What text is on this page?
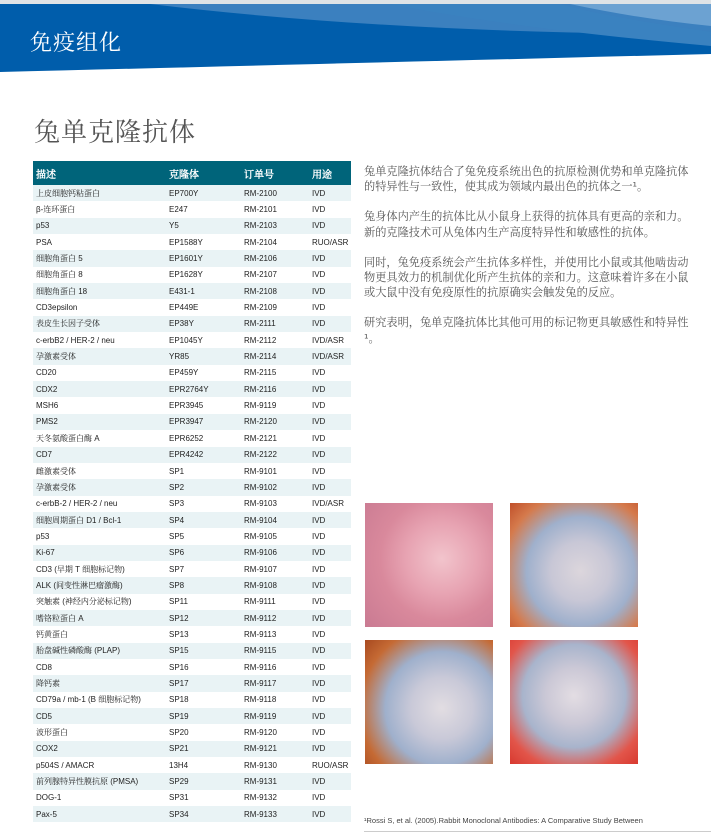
免疫组化
兔单克隆抗体
描述	克隆体	订单号	用途
上皮细胞钙粘蛋白	EP700Y	RM-2100	IVD
β-连环蛋白	E247	RM-2101	IVD
p53	Y5	RM-2103	IVD
PSA	EP1588Y	RM-2104	RUO/ASR
细胞角蛋白 5	EP1601Y	RM-2106	IVD
细胞角蛋白 8	EP1628Y	RM-2107	IVD
细胞角蛋白 18	E431-1	RM-2108	IVD
CD3epsilon	EP449E	RM-2109	IVD
表皮生长因子受体	EP38Y	RM-2111	IVD
c-erbB2 / HER-2 / neu	EP1045Y	RM-2112	IVD/ASR
孕激素受体	YR85	RM-2114	IVD/ASR
CD20	EP459Y	RM-2115	IVD
CDX2	EPR2764Y	RM-2116	IVD
MSH6	EPR3945	RM-9119	IVD
PMS2	EPR3947	RM-2120	IVD
天冬氨酸蛋白酶 A	EPR6252	RM-2121	IVD
CD7	EPR4242	RM-2122	IVD
雌激素受体	SP1	RM-9101	IVD
孕激素受体	SP2	RM-9102	IVD
c-erbB-2 / HER-2 / neu	SP3	RM-9103	IVD/ASR
细胞周期蛋白 D1 / Bcl-1	SP4	RM-9104	IVD
p53	SP5	RM-9105	IVD
Ki-67	SP6	RM-9106	IVD
CD3 (早期 T 细胞标记物)	SP7	RM-9107	IVD
ALK (间变性淋巴瘤激酶)	SP8	RM-9108	IVD
突触素 (神经内分泌标记物)	SP11	RM-9111	IVD
嗜铬粒蛋白 A	SP12	RM-9112	IVD
钙黄蛋白	SP13	RM-9113	IVD
胎盘碱性磷酸酶 (PLAP)	SP15	RM-9115	IVD
CD8	SP16	RM-9116	IVD
降钙素	SP17	RM-9117	IVD
CD79a / mb-1 (B 细胞标记物)	SP18	RM-9118	IVD
CD5	SP19	RM-9119	IVD
波形蛋白	SP20	RM-9120	IVD
COX2	SP21	RM-9121	IVD
p504S / AMACR	13H4	RM-9130	RUO/ASR
前列腺特异性膜抗原 (PMSA)	SP29	RM-9131	IVD
DOG-1	SP31	RM-9132	IVD
Pax-5	SP34	RM-9133	IVD

兔单克隆抗体结合了兔免疫系统出色的抗原检测优势和单克隆抗体的特异性与一致性，使其成为领域内最出色的抗体之一¹。

兔身体内产生的抗体比从小鼠身上获得的抗体具有更高的亲和力。新的克隆技术可从兔体内生产高度特异性和敏感性的抗体。

同时，兔免疫系统会产生抗体多样性，并使用比小鼠或其他啮齿动物更具效力的机制优化所产生抗体的亲和力。这意味着许多在小鼠或大鼠中没有免疫原性的抗原确实会触发兔的反应。

研究表明，兔单克隆抗体比其他可用的标记物更具敏感性和特异性¹。

¹Rossi S, et al. (2005).Rabbit Monoclonal Antibodies: A Comparative Study Between
